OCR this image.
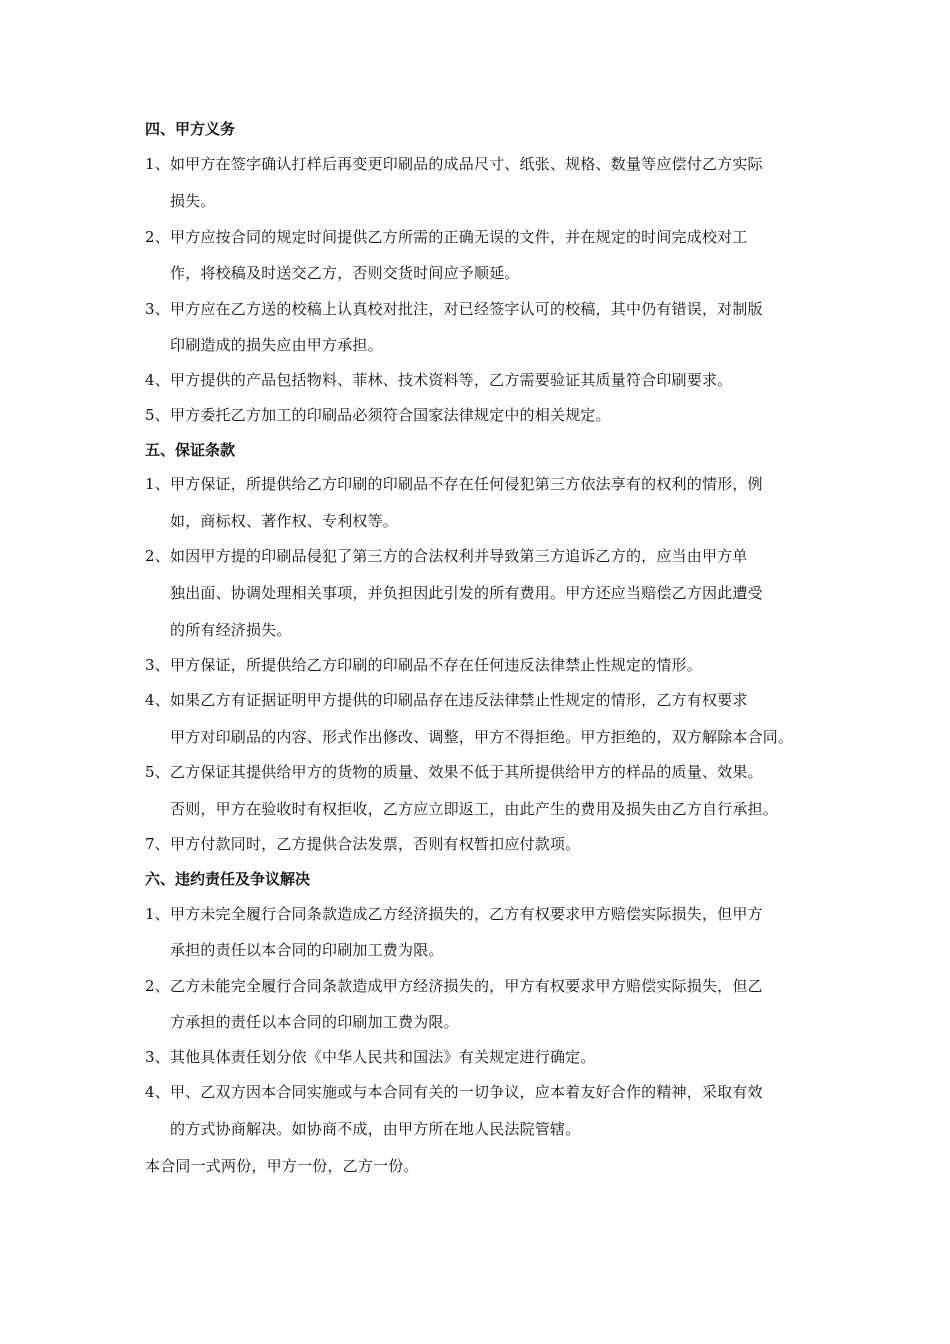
四、甲方义务
1、如甲方在签字确认打样后再变更印刷品的成品尺寸、纸张、规格、数量等应偿付乙方实际
损失。
2、甲方应按合同的规定时间提供乙方所需的正确无误的文件，并在规定的时间完成校对工
作，将校稿及时送交乙方，否则交货时间应予顺延。
3、甲方应在乙方送的校稿上认真校对批注，对已经签字认可的校稿，其中仍有错误，对制版
印刷造成的损失应由甲方承担。
4、甲方提供的产品包括物料、菲林、技术资料等，乙方需要验证其质量符合印刷要求。
5、甲方委托乙方加工的印刷品必须符合国家法律规定中的相关规定。
五、保证条款
1、甲方保证，所提供给乙方印刷的印刷品不存在任何侵犯第三方依法享有的权利的情形，例
如，商标权、著作权、专利权等。
2、如因甲方提的印刷品侵犯了第三方的合法权利并导致第三方追诉乙方的，应当由甲方单
独出面、协调处理相关事项，并负担因此引发的所有费用。甲方还应当赔偿乙方因此遭受
的所有经济损失。
3、甲方保证，所提供给乙方印刷的印刷品不存在任何违反法律禁止性规定的情形。
4、如果乙方有证据证明甲方提供的印刷品存在违反法律禁止性规定的情形，乙方有权要求
甲方对印刷品的内容、形式作出修改、调整，甲方不得拒绝。甲方拒绝的，双方解除本合同。
5、乙方保证其提供给甲方的货物的质量、效果不低于其所提供给甲方的样品的质量、效果。
否则，甲方在验收时有权拒收，乙方应立即返工，由此产生的费用及损失由乙方自行承担。
7、甲方付款同时，乙方提供合法发票，否则有权暂扣应付款项。
六、违约责任及争议解决
1、甲方未完全履行合同条款造成乙方经济损失的，乙方有权要求甲方赔偿实际损失，但甲方
承担的责任以本合同的印刷加工费为限。
2、乙方未能完全履行合同条款造成甲方经济损失的，甲方有权要求甲方赔偿实际损失，但乙
方承担的责任以本合同的印刷加工费为限。
3、其他具体责任划分依《中华人民共和国法》有关规定进行确定。
4、甲、乙双方因本合同实施或与本合同有关的一切争议，应本着友好合作的精神，采取有效
的方式协商解决。如协商不成，由甲方所在地人民法院管辖。
本合同一式两份，甲方一份，乙方一份。
